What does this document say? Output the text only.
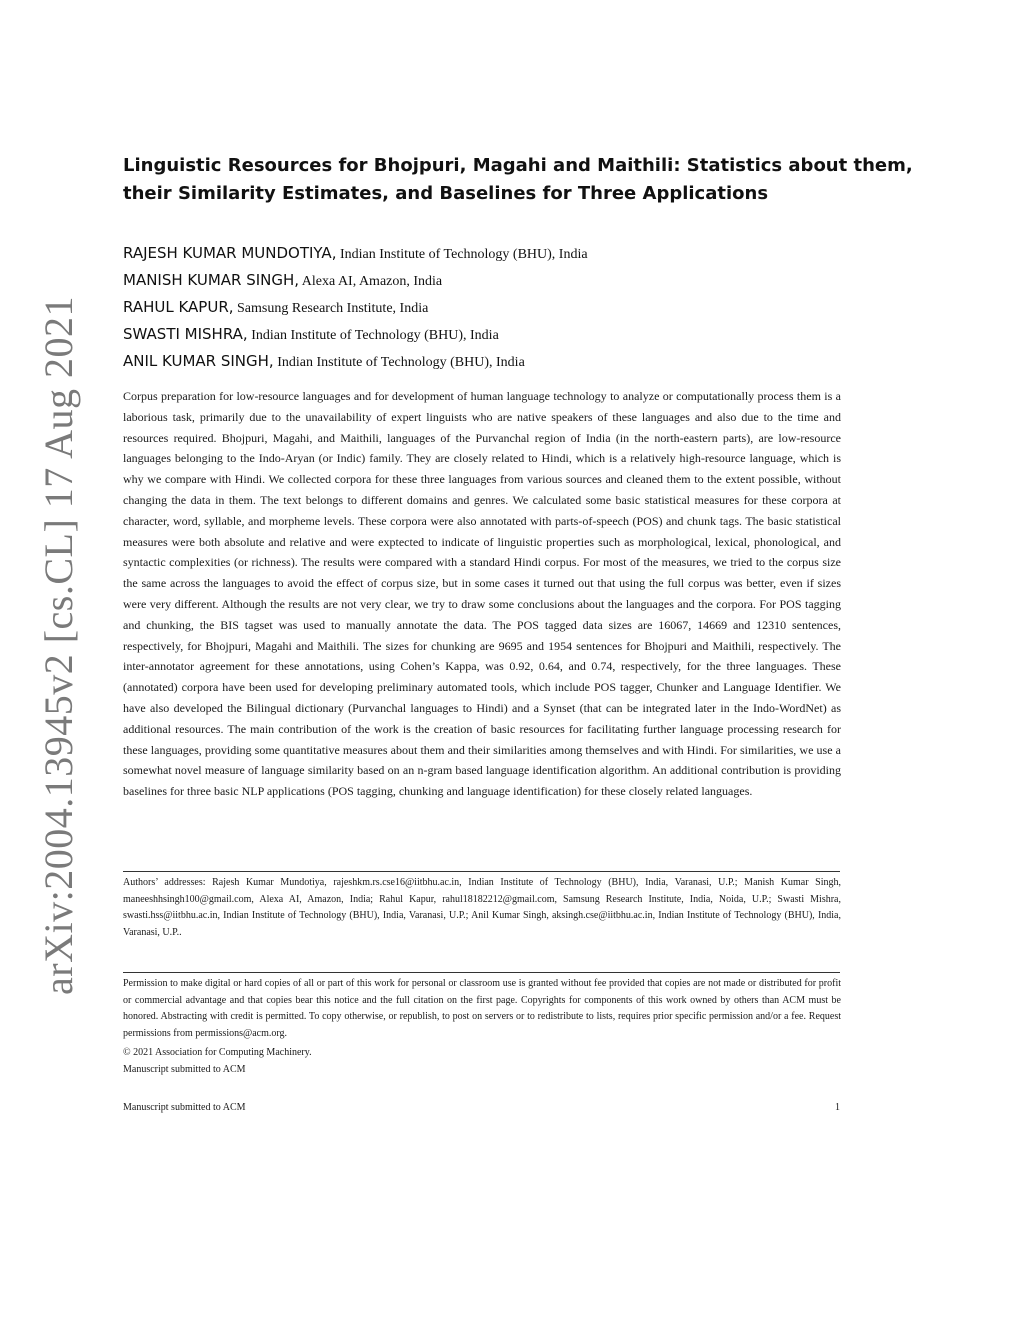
arXiv:2004.13945v2 [cs.CL] 17 Aug 2021
Linguistic Resources for Bhojpuri, Magahi and Maithili: Statistics about them,
their Similarity Estimates, and Baselines for Three Applications
RAJESH KUMAR MUNDOTIYA, Indian Institute of Technology (BHU), India
MANISH KUMAR SINGH, Alexa AI, Amazon, India
RAHUL KAPUR, Samsung Research Institute, India
SWASTI MISHRA, Indian Institute of Technology (BHU), India
ANIL KUMAR SINGH, Indian Institute of Technology (BHU), India

Corpus preparation for low-resource languages and for development of human language technology to analyze or computationally process them is a laborious task, primarily due to the unavailability of expert linguists who are native speakers of these languages and also due to the time and resources required. Bhojpuri, Magahi, and Maithili, languages of the Purvanchal region of India (in the north-eastern parts), are low-resource languages belonging to the Indo-Aryan (or Indic) family. They are closely related to Hindi, which is a relatively high-resource language, which is why we compare with Hindi. We collected corpora for these three languages from various sources and cleaned them to the extent possible, without changing the data in them. The text belongs to different domains and genres. We calculated some basic statistical measures for these corpora at character, word, syllable, and morpheme levels. These corpora were also annotated with parts-of-speech (POS) and chunk tags. The basic statistical measures were both absolute and relative and were exptected to indicate of linguistic properties such as morphological, lexical, phonological, and syntactic complexities (or richness). The results were compared with a standard Hindi corpus. For most of the measures, we tried to the corpus size the same across the languages to avoid the effect of corpus size, but in some cases it turned out that using the full corpus was better, even if sizes were very different. Although the results are not very clear, we try to draw some conclusions about the languages and the corpora. For POS tagging and chunking, the BIS tagset was used to manually annotate the data. The POS tagged data sizes are 16067, 14669 and 12310 sentences, respectively, for Bhojpuri, Magahi and Maithili. The sizes for chunking are 9695 and 1954 sentences for Bhojpuri and Maithili, respectively. The inter-annotator agreement for these annotations, using Cohen’s Kappa, was 0.92, 0.64, and 0.74, respectively, for the three languages. These (annotated) corpora have been used for developing preliminary automated tools, which include POS tagger, Chunker and Language Identifier. We have also developed the Bilingual dictionary (Purvanchal languages to Hindi) and a Synset (that can be integrated later in the Indo-WordNet) as additional resources. The main contribution of the work is the creation of basic resources for facilitating further language processing research for these languages, providing some quantitative measures about them and their similarities among themselves and with Hindi. For similarities, we use a somewhat novel measure of language similarity based on an n-gram based language identification algorithm. An additional contribution is providing baselines for three basic NLP applications (POS tagging, chunking and language identification) for these closely related languages.

Authors’ addresses: Rajesh Kumar Mundotiya, rajeshkm.rs.cse16@iitbhu.ac.in, Indian Institute of Technology (BHU), India, Varanasi, U.P.; Manish Kumar Singh, maneeshhsingh100@gmail.com, Alexa AI, Amazon, India; Rahul Kapur, rahul18182212@gmail.com, Samsung Research Institute, India, Noida, U.P.; Swasti Mishra, swasti.hss@iitbhu.ac.in, Indian Institute of Technology (BHU), India, Varanasi, U.P.; Anil Kumar Singh, aksingh.cse@iitbhu.ac.in, Indian Institute of Technology (BHU), India, Varanasi, U.P..

Permission to make digital or hard copies of all or part of this work for personal or classroom use is granted without fee provided that copies are not made or distributed for profit or commercial advantage and that copies bear this notice and the full citation on the first page. Copyrights for components of this work owned by others than ACM must be honored. Abstracting with credit is permitted. To copy otherwise, or republish, to post on servers or to redistribute to lists, requires prior specific permission and/or a fee. Request permissions from permissions@acm.org.

© 2021 Association for Computing Machinery.
Manuscript submitted to ACM
Manuscript submitted to ACM	1
